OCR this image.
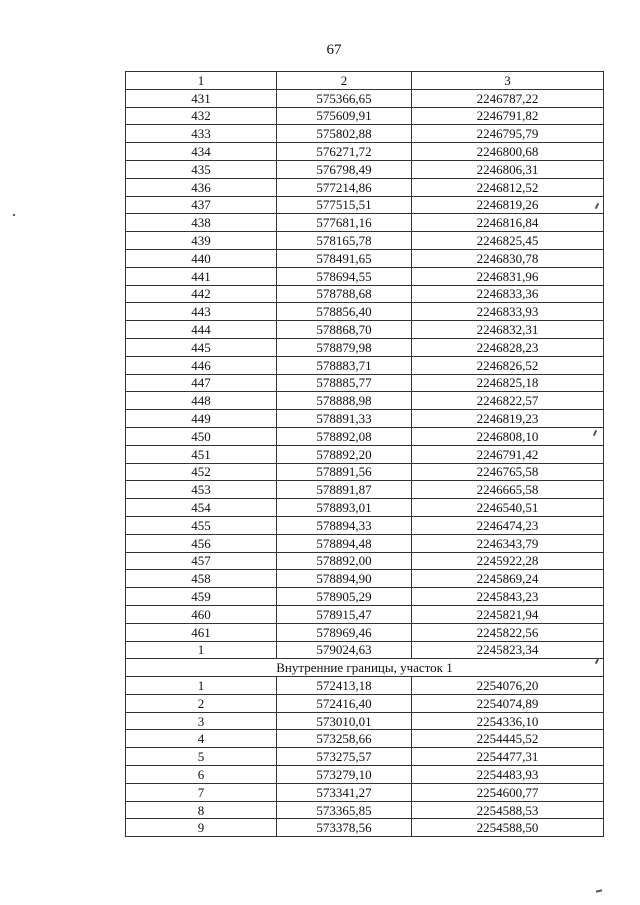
67
1	2	3
431	575366,65	2246787,22
432	575609,91	2246791,82
433	575802,88	2246795,79
434	576271,72	2246800,68
435	576798,49	2246806,31
436	577214,86	2246812,52
437	577515,51	2246819,26
438	577681,16	2246816,84
439	578165,78	2246825,45
440	578491,65	2246830,78
441	578694,55	2246831,96
442	578788,68	2246833,36
443	578856,40	2246833,93
444	578868,70	2246832,31
445	578879,98	2246828,23
446	578883,71	2246826,52
447	578885,77	2246825,18
448	578888,98	2246822,57
449	578891,33	2246819,23
450	578892,08	2246808,10
451	578892,20	2246791,42
452	578891,56	2246765,58
453	578891,87	2246665,58
454	578893,01	2246540,51
455	578894,33	2246474,23
456	578894,48	2246343,79
457	578892,00	2245922,28
458	578894,90	2245869,24
459	578905,29	2245843,23
460	578915,47	2245821,94
461	578969,46	2245822,56
1	579024,63	2245823,34
Внутренние границы, участок 1		
1	572413,18	2254076,20
2	572416,40	2254074,89
3	573010,01	2254336,10
4	573258,66	2254445,52
5	573275,57	2254477,31
6	573279,10	2254483,93
7	573341,27	2254600,77
8	573365,85	2254588,53
9	573378,56	2254588,50
